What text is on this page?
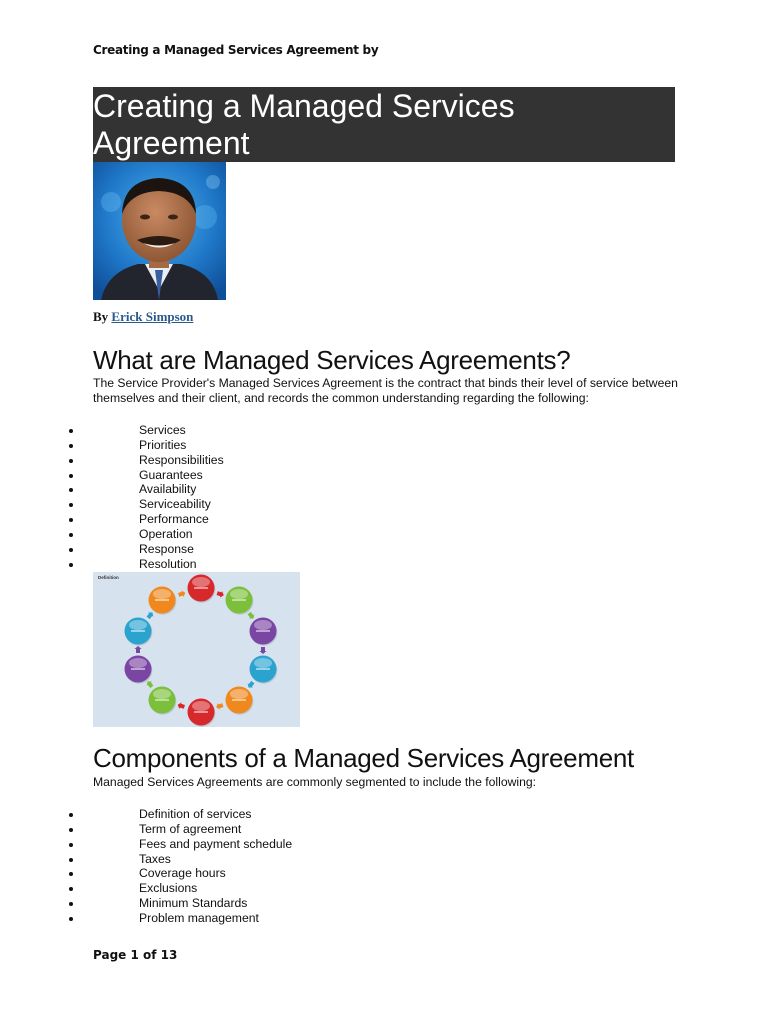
Creating a Managed Services Agreement by
Creating a Managed Services Agreement
By Erick Simpson
What are Managed Services Agreements?

The Service Provider's Managed Services Agreement is the contract that binds their level of service between themselves and their client, and records the common understanding regarding the following:

Services
Priorities
Responsibilities
Guarantees
Availability
Serviceability
Performance
Operation
Response
Resolution
Definition
Components of a Managed Services Agreement

Managed Services Agreements are commonly segmented to include the following:

Definition of services
Term of agreement
Fees and payment schedule
Taxes
Coverage hours
Exclusions
Minimum Standards
Problem management
Page 1 of 13
